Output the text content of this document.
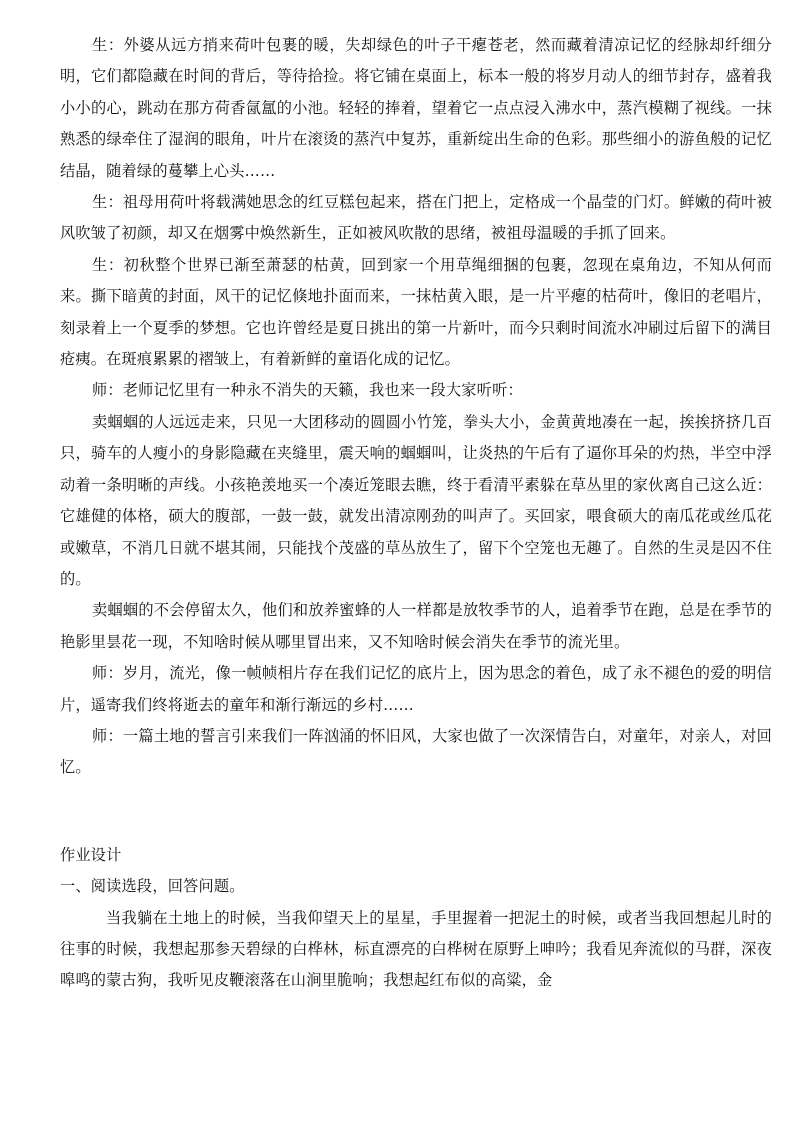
生：外婆从远方捎来荷叶包裹的暖，失却绿色的叶子干瘪苍老，然而藏着清凉记忆的经脉却纤细分明，它们都隐藏在时间的背后，等待拾捡。将它铺在桌面上，标本一般的将岁月动人的细节封存，盛着我小小的心，跳动在那方荷香氤氲的小池。轻轻的捧着，望着它一点点浸入沸水中，蒸汽模糊了视线。一抹熟悉的绿牵住了湿润的眼角，叶片在滚烫的蒸汽中复苏，重新绽出生命的色彩。那些细小的游鱼般的记忆结晶，随着绿的蔓攀上心头……

生：祖母用荷叶将载满她思念的红豆糕包起来，搭在门把上，定格成一个晶莹的门灯。鲜嫩的荷叶被风吹皱了初颜，却又在烟雾中焕然新生，正如被风吹散的思绪，被祖母温暖的手抓了回来。

生：初秋整个世界已渐至萧瑟的枯黄，回到家一个用草绳细捆的包裹，忽现在桌角边，不知从何而来。撕下暗黄的封面，风干的记忆倏地扑面而来，一抹枯黄入眼，是一片平瘪的枯荷叶，像旧的老唱片，刻录着上一个夏季的梦想。它也许曾经是夏日挑出的第一片新叶，而今只剩时间流水冲刷过后留下的满目疮痍。在斑痕累累的褶皱上，有着新鲜的童语化成的记忆。

师：老师记忆里有一种永不消失的天籁，我也来一段大家听听：

卖蝈蝈的人远远走来，只见一大团移动的圆圆小竹笼，拳头大小，金黄黄地凑在一起，挨挨挤挤几百只，骑车的人瘦小的身影隐藏在夹缝里，震天响的蝈蝈叫，让炎热的午后有了逼你耳朵的灼热，半空中浮动着一条明晰的声线。小孩艳羡地买一个凑近笼眼去瞧，终于看清平素躲在草丛里的家伙离自己这么近：它雄健的体格，硕大的腹部，一鼓一鼓，就发出清凉刚劲的叫声了。买回家，喂食硕大的南瓜花或丝瓜花或嫩草，不消几日就不堪其闹，只能找个茂盛的草丛放生了，留下个空笼也无趣了。自然的生灵是囚不住的。

卖蝈蝈的不会停留太久，他们和放养蜜蜂的人一样都是放牧季节的人，追着季节在跑，总是在季节的艳影里昙花一现，不知啥时候从哪里冒出来，又不知啥时候会消失在季节的流光里。

师：岁月，流光，像一帧帧相片存在我们记忆的底片上，因为思念的着色，成了永不褪色的爱的明信片，遥寄我们终将逝去的童年和渐行渐远的乡村……

师：一篇土地的誓言引来我们一阵汹涌的怀旧风，大家也做了一次深情告白，对童年，对亲人，对回忆。

作业设计

一、阅读选段，回答问题。

当我躺在土地上的时候，当我仰望天上的星星，手里握着一把泥土的时候，或者当我回想起儿时的往事的时候，我想起那参天碧绿的白桦林，标直漂亮的白桦树在原野上呻吟；我看见奔流似的马群，深夜嗥鸣的蒙古狗，我听见皮鞭滚落在山涧里脆响；我想起红布似的高粱，金
